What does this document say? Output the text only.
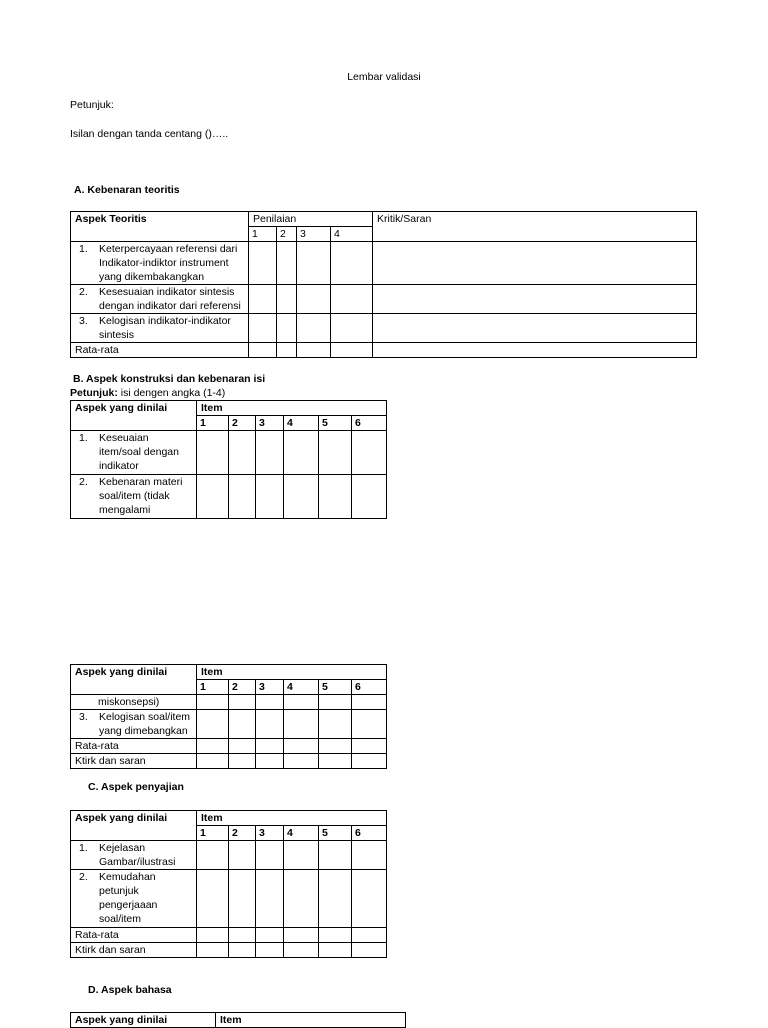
Lembar validasi
Petunjuk:
Isilan dengan tanda centang ()…..
A. Kebenaran teoritis
Aspek Teoritis	Penilaian				Kritik/Saran
	1	2	3	4	

1. Keterpercayaan referensi dari
Indikator-indiktor instrument
yang dikembakangkan					

2. Kesesuaian indikator sintesis
dengan indikator dari referensi					

3. Kelogisan indikator-indikator
sintesis					

Rata-rata					
B. Aspek konstruksi dan kebenaran isi
Petunjuk: isi dengen angka (1-4)
Aspek yang dinilai	Item					
	1	2	3	4	5	6

1. Keseuaian
item/soal dengan
indikator						

2. Kebenaran materi
soal/item (tidak
mengalami						

Aspek yang dinilai	Item					
	1	2	3	4	5	6

miskonsepsi)						

3. Kelogisan soal/item
yang dimebangkan						

Rata-rata						
Ktirk dan saran						
C. Aspek penyajian
Aspek yang dinilai	Item					
	1	2	3	4	5	6

1. Kejelasan
Gambar/ilustrasi						

2. Kemudahan
petunjuk
pengerjaaan
soal/item						

Rata-rata						
Ktirk dan saran						
D. Aspek bahasa
Aspek yang dinilai	Item
